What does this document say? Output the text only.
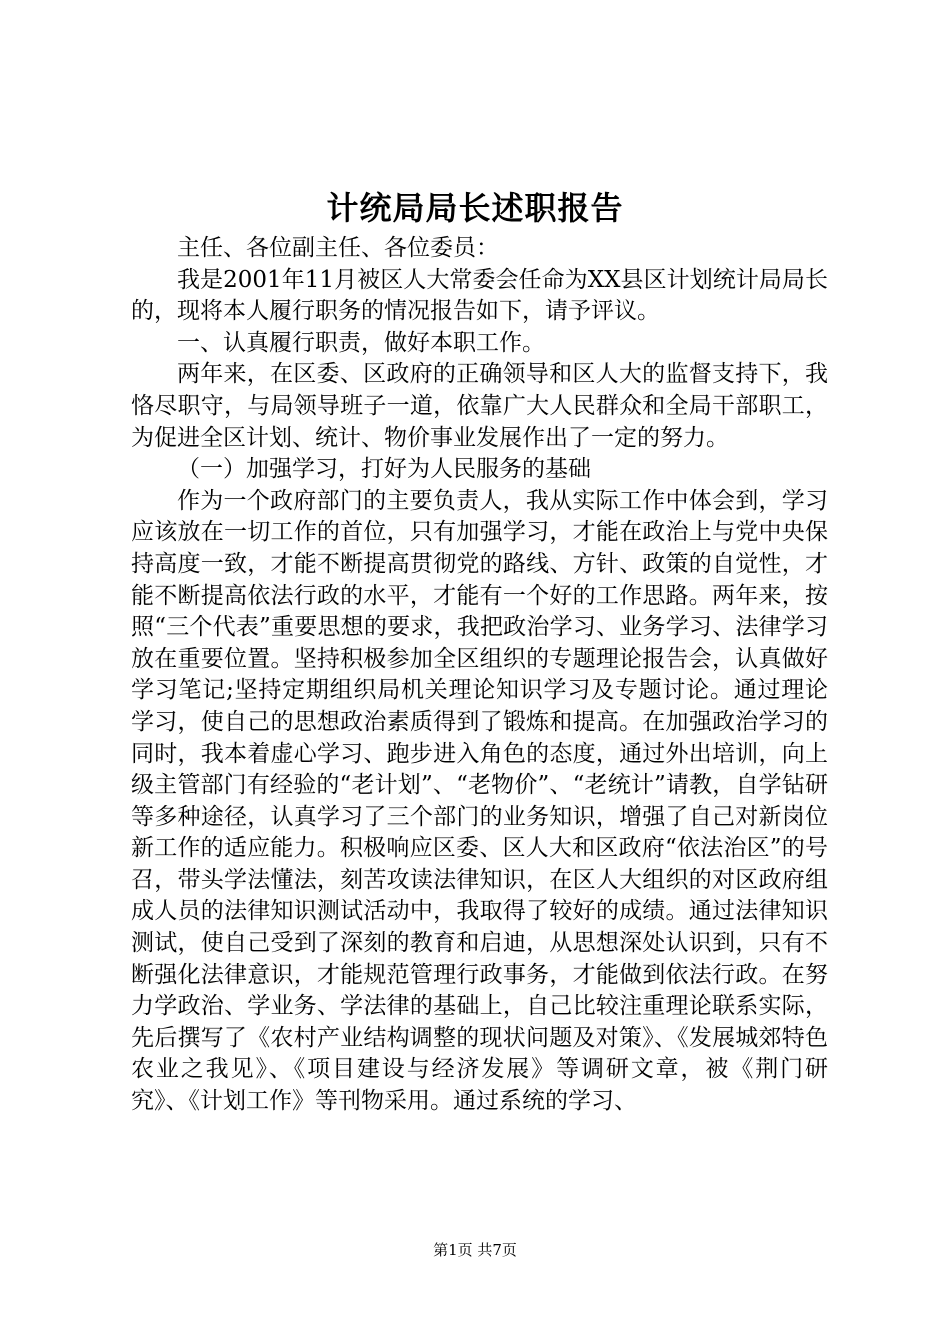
计统局局长述职报告

主任、各位副主任、各位委员：

我是2001年11月被区人大常委会任命为XX县区计划统计局局长的，现将本人履行职务的情况报告如下，请予评议。

一、认真履行职责，做好本职工作。

两年来，在区委、区政府的正确领导和区人大的监督支持下，我恪尽职守，与局领导班子一道，依靠广大人民群众和全局干部职工，为促进全区计划、统计、物价事业发展作出了一定的努力。

（一）加强学习，打好为人民服务的基础

作为一个政府部门的主要负责人，我从实际工作中体会到，学习应该放在一切工作的首位，只有加强学习，才能在政治上与党中央保持高度一致，才能不断提高贯彻党的路线、方针、政策的自觉性，才能不断提高依法行政的水平，才能有一个好的工作思路。两年来，按照“三个代表”重要思想的要求，我把政治学习、业务学习、法律学习放在重要位置。坚持积极参加全区组织的专题理论报告会，认真做好学习笔记;坚持定期组织局机关理论知识学习及专题讨论。通过理论学习，使自己的思想政治素质得到了锻炼和提高。在加强政治学习的同时，我本着虚心学习、跑步进入角色的态度，通过外出培训，向上级主管部门有经验的“老计划”、“老物价”、“老统计”请教，自学钻研等多种途径，认真学习了三个部门的业务知识，增强了自己对新岗位新工作的适应能力。积极响应区委、区人大和区政府“依法治区”的号召，带头学法懂法，刻苦攻读法律知识，在区人大组织的对区政府组成人员的法律知识测试活动中，我取得了较好的成绩。通过法律知识测试，使自己受到了深刻的教育和启迪，从思想深处认识到，只有不断强化法律意识，才能规范管理行政事务，才能做到依法行政。在努力学政治、学业务、学法律的基础上，自己比较注重理论联系实际，先后撰写了《农村产业结构调整的现状问题及对策》、《发展城郊特色农业之我见》、《项目建设与经济发展》等调研文章，被《荆门研究》、《计划工作》等刊物采用。通过系统的学习、

第1页 共7页
